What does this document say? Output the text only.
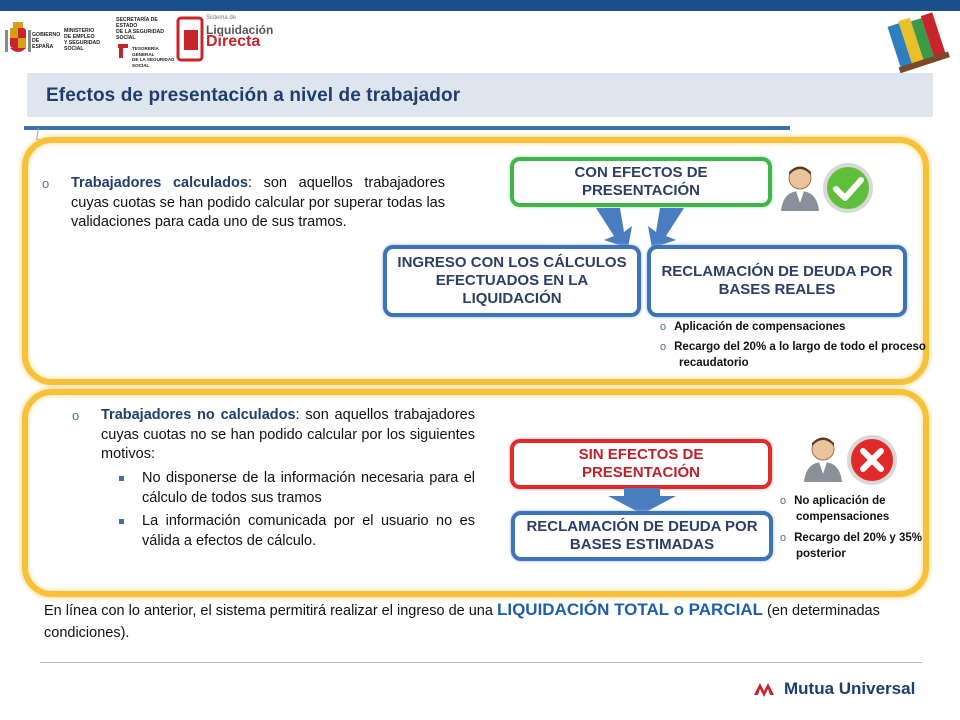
GOBIERNO
DE ESPAÑA
MINISTERIO
DE EMPLEO
Y SEGURIDAD SOCIAL
SECRETARÍA DE ESTADO
DE LA SEGURIDAD SOCIAL
TESORERÍA GENERAL
DE LA SEGURIDAD SOCIAL
Sistema de
Liquidación
Directa
Efectos de presentación a nivel de trabajador
o Trabajadores calculados: son aquellos trabajadores cuyas cuotas se han podido calcular por superar todas las validaciones para cada uno de sus tramos.
CON EFECTOS DE PRESENTACIÓN
INGRESO CON LOS CÁLCULOS EFECTUADOS EN LA LIQUIDACIÓN
RECLAMACIÓN DE DEUDA POR BASES REALES
o Aplicación de compensaciones
o Recargo del 20% a lo largo de todo el proceso recaudatorio
o Trabajadores no calculados: son aquellos trabajadores cuyas cuotas no se han podido calcular por los siguientes motivos:
No disponerse de la información necesaria para el cálculo de todos sus tramos
La información comunicada por el usuario no es válida a efectos de cálculo.
SIN EFECTOS DE PRESENTACIÓN
RECLAMACIÓN DE DEUDA POR BASES ESTIMADAS
o No aplicación de compensaciones
o Recargo del 20% y 35% posterior
En línea con lo anterior, el sistema permitirá realizar el ingreso de una LIQUIDACIÓN TOTAL o PARCIAL (en determinadas condiciones).
Mutua Universal
